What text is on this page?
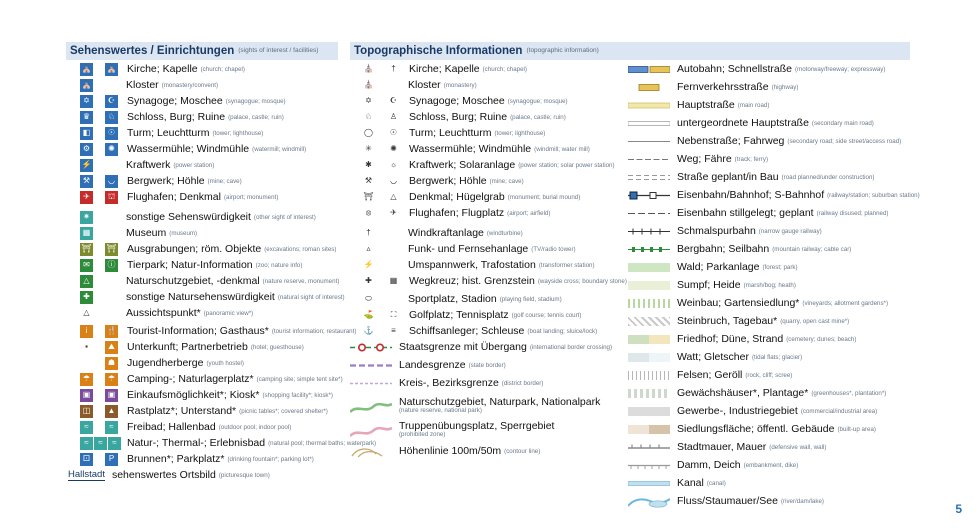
Sehenswertes / Einrichtungen (sights of interest / facilities)	Topographische Informationen (topographic information)
⛪ ⛪ Kirche; Kapelle (church; chapel)
⛪	Kloster (monastery/convent)
✡	☪ Synagoge; Moschee (synagogue; mosque)
♛	♘ Schloss, Burg; Ruine (palace, castle; ruin)
◧	☉ Turm; Leuchtturm (tower; lighthouse)
⚙	✺	Wassermühle; Windmühle (watermill; windmill)
⚡	Kraftwerk (power station)
⚒	◡ Bergwerk; Höhle (mine; cave)
✈	⛫ Flughafen; Denkmal (airport; monument)
✷	sonstige Sehenswürdigkeit (other sight of interest)
▦	Museum (museum)
⛩ ⛩ Ausgrabungen; röm. Objekte (excavations; roman sites)
✉	ⓘ Tierpark; Natur-Information (zoo; nature info)
△	Naturschutzgebiet, -denkmal (nature reserve, monument)
✚	sonstige Natursehenswürdigkeit (natural sight of interest)
△	Aussichtspunkt* (panoramic view*)
i	🍴 Tourist-Information; Gasthaus* (tourist information; restaurant)
▪	⛰ Unterkunft; Partnerbetrieb (hotel; guesthouse)
☗ Jugendherberge (youth hostel)
☂	☂ Camping-; Naturlagerplatz* (camping site; simple tent site*)
▣	▣ Einkaufsmöglichkeit*; Kiosk* (shopping facility*; kiosk*)
◫	▲ Rastplatz*; Unterstand* (picnic tables*; covered shelter*)
≈	≈	Freibad; Hallenbad (outdoor pool; indoor pool)
≈	≈	≈ Natur-; Thermal-; Erlebnisbad (natural pool; thermal baths; waterpark)
⚀	P	Brunnen*; Parkplatz* (drinking fountain*; parking lot*)
Hallstadt sehenswertes Ortsbild (picturesque town)
⛪	†	Kirche; Kapelle (church; chapel)
⛪	Kloster (monastery)
✡	☪ Synagoge; Moschee (synagogue; mosque)
♘	♙ Schloss, Burg; Ruine (palace, castle; ruin)
◯	☉ Turm; Leuchtturm (tower; lighthouse)
✳	✺	Wassermühle; Windmühle (windmill; water mill)
✱	☼ Kraftwerk; Solaranlage (power station; solar power station)
⚒	◡ Bergwerk; Höhle (mine; cave)
⛩	△	Denkmal; Hügelgrab (monument; burial mound)
⦻	✈	Flughafen; Flugplatz (airport; airfield)
†	Windkraftanlage (windturbine)
▵	Funk- und Fernsehanlage (TV/radio tower)
⚡	Umspannwerk, Trafostation (transformer station)
✚	▦ Wegkreuz; hist. Grenzstein (wayside cross; boundary stone)
⬭	Sportplatz, Stadion (playing field, stadium)
⛳	⛶	Golfplatz; Tennisplatz (golf course; tennis court)
⚓	≡	Schiffsanleger; Schleuse (boat landing; sluice/lock)
Staatsgrenze mit Übergang (international border crossing)
Landesgrenze (state border)
Kreis-, Bezirksgrenze (district border)
Naturschutzgebiet, Naturpark, Nationalpark
(nature reserve, national park)
Truppenübungsplatz, Sperrgebiet
(prohibited zone)
Höhenlinie 100m/50m (contour line)
Autobahn; Schnellstraße (motorway/freeway; expressway)
Fernverkehrsstraße (highway)
Hauptstraße (main road)
untergeordnete Hauptstraße (secondary main road)
Nebenstraße; Fahrweg (secondary road; side street/access road)
Weg; Fähre (track; ferry)
Straße geplant/in Bau (road planned/under construction)
Eisenbahn/Bahnhof; S-Bahnhof (railway/station; suburban station)
Eisenbahn stillgelegt; geplant (railway disused; planned)
Schmalspurbahn (narrow gauge railway)
Bergbahn; Seilbahn (mountain railway; cable car)
Wald; Parkanlage (forest; park)
Sumpf; Heide (marsh/bog; heath)
Weinbau; Gartensiedlung* (vineyards; allotment gardens*)
Steinbruch, Tagebau* (quarry, open cast mine*)
Friedhof; Düne, Strand (cemetery; dunes; beach)
Watt; Gletscher (tidal flats; glacier)
Felsen; Geröll (rock, cliff; scree)
Gewächshäuser*, Plantage* (greenhouses*, plantation*)
Gewerbe-, Industriegebiet (commercial/industrial area)
Siedlungsfläche; öffentl. Gebäude (built-up area)
Stadtmauer, Mauer (defensive wall, wall)
Damm, Deich (embankment, dike)
Kanal (canal)
Fluss/Staumauer/See (river/dam/lake)
5
